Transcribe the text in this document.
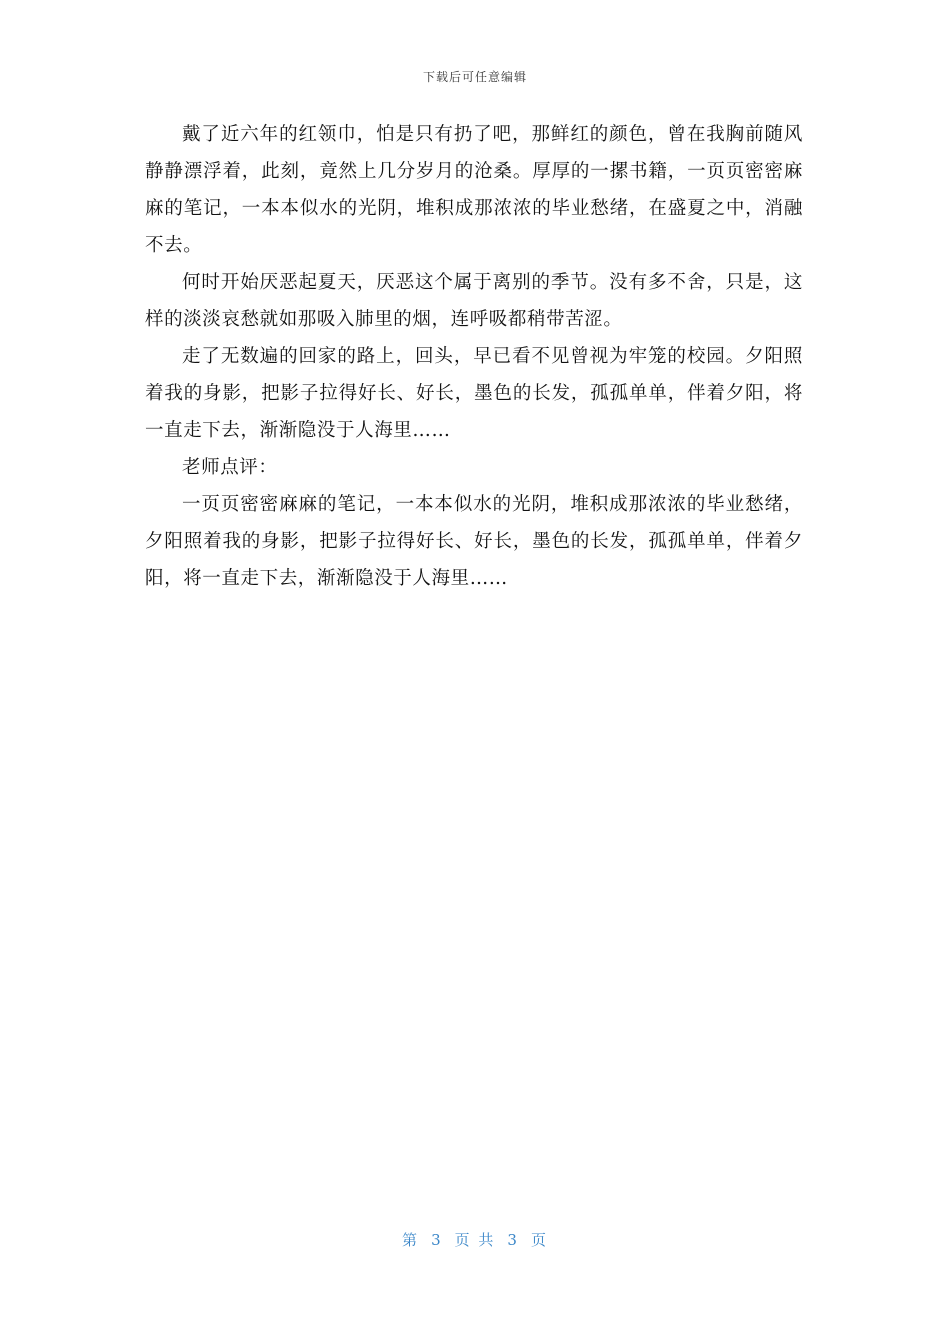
下载后可任意编辑

戴了近六年的红领巾，怕是只有扔了吧，那鲜红的颜色，曾在我胸前随风静静漂浮着，此刻，竟然上几分岁月的沧桑。厚厚的一摞书籍，一页页密密麻麻的笔记，一本本似水的光阴，堆积成那浓浓的毕业愁绪，在盛夏之中，消融不去。

何时开始厌恶起夏天，厌恶这个属于离别的季节。没有多不舍，只是，这样的淡淡哀愁就如那吸入肺里的烟，连呼吸都稍带苦涩。

走了无数遍的回家的路上，回头，早已看不见曾视为牢笼的校园。夕阳照着我的身影，把影子拉得好长、好长，墨色的长发，孤孤单单，伴着夕阳，将一直走下去，渐渐隐没于人海里……

老师点评：

一页页密密麻麻的笔记，一本本似水的光阴，堆积成那浓浓的毕业愁绪，夕阳照着我的身影，把影子拉得好长、好长，墨色的长发，孤孤单单，伴着夕阳，将一直走下去，渐渐隐没于人海里……

第 3 页 共 3 页
